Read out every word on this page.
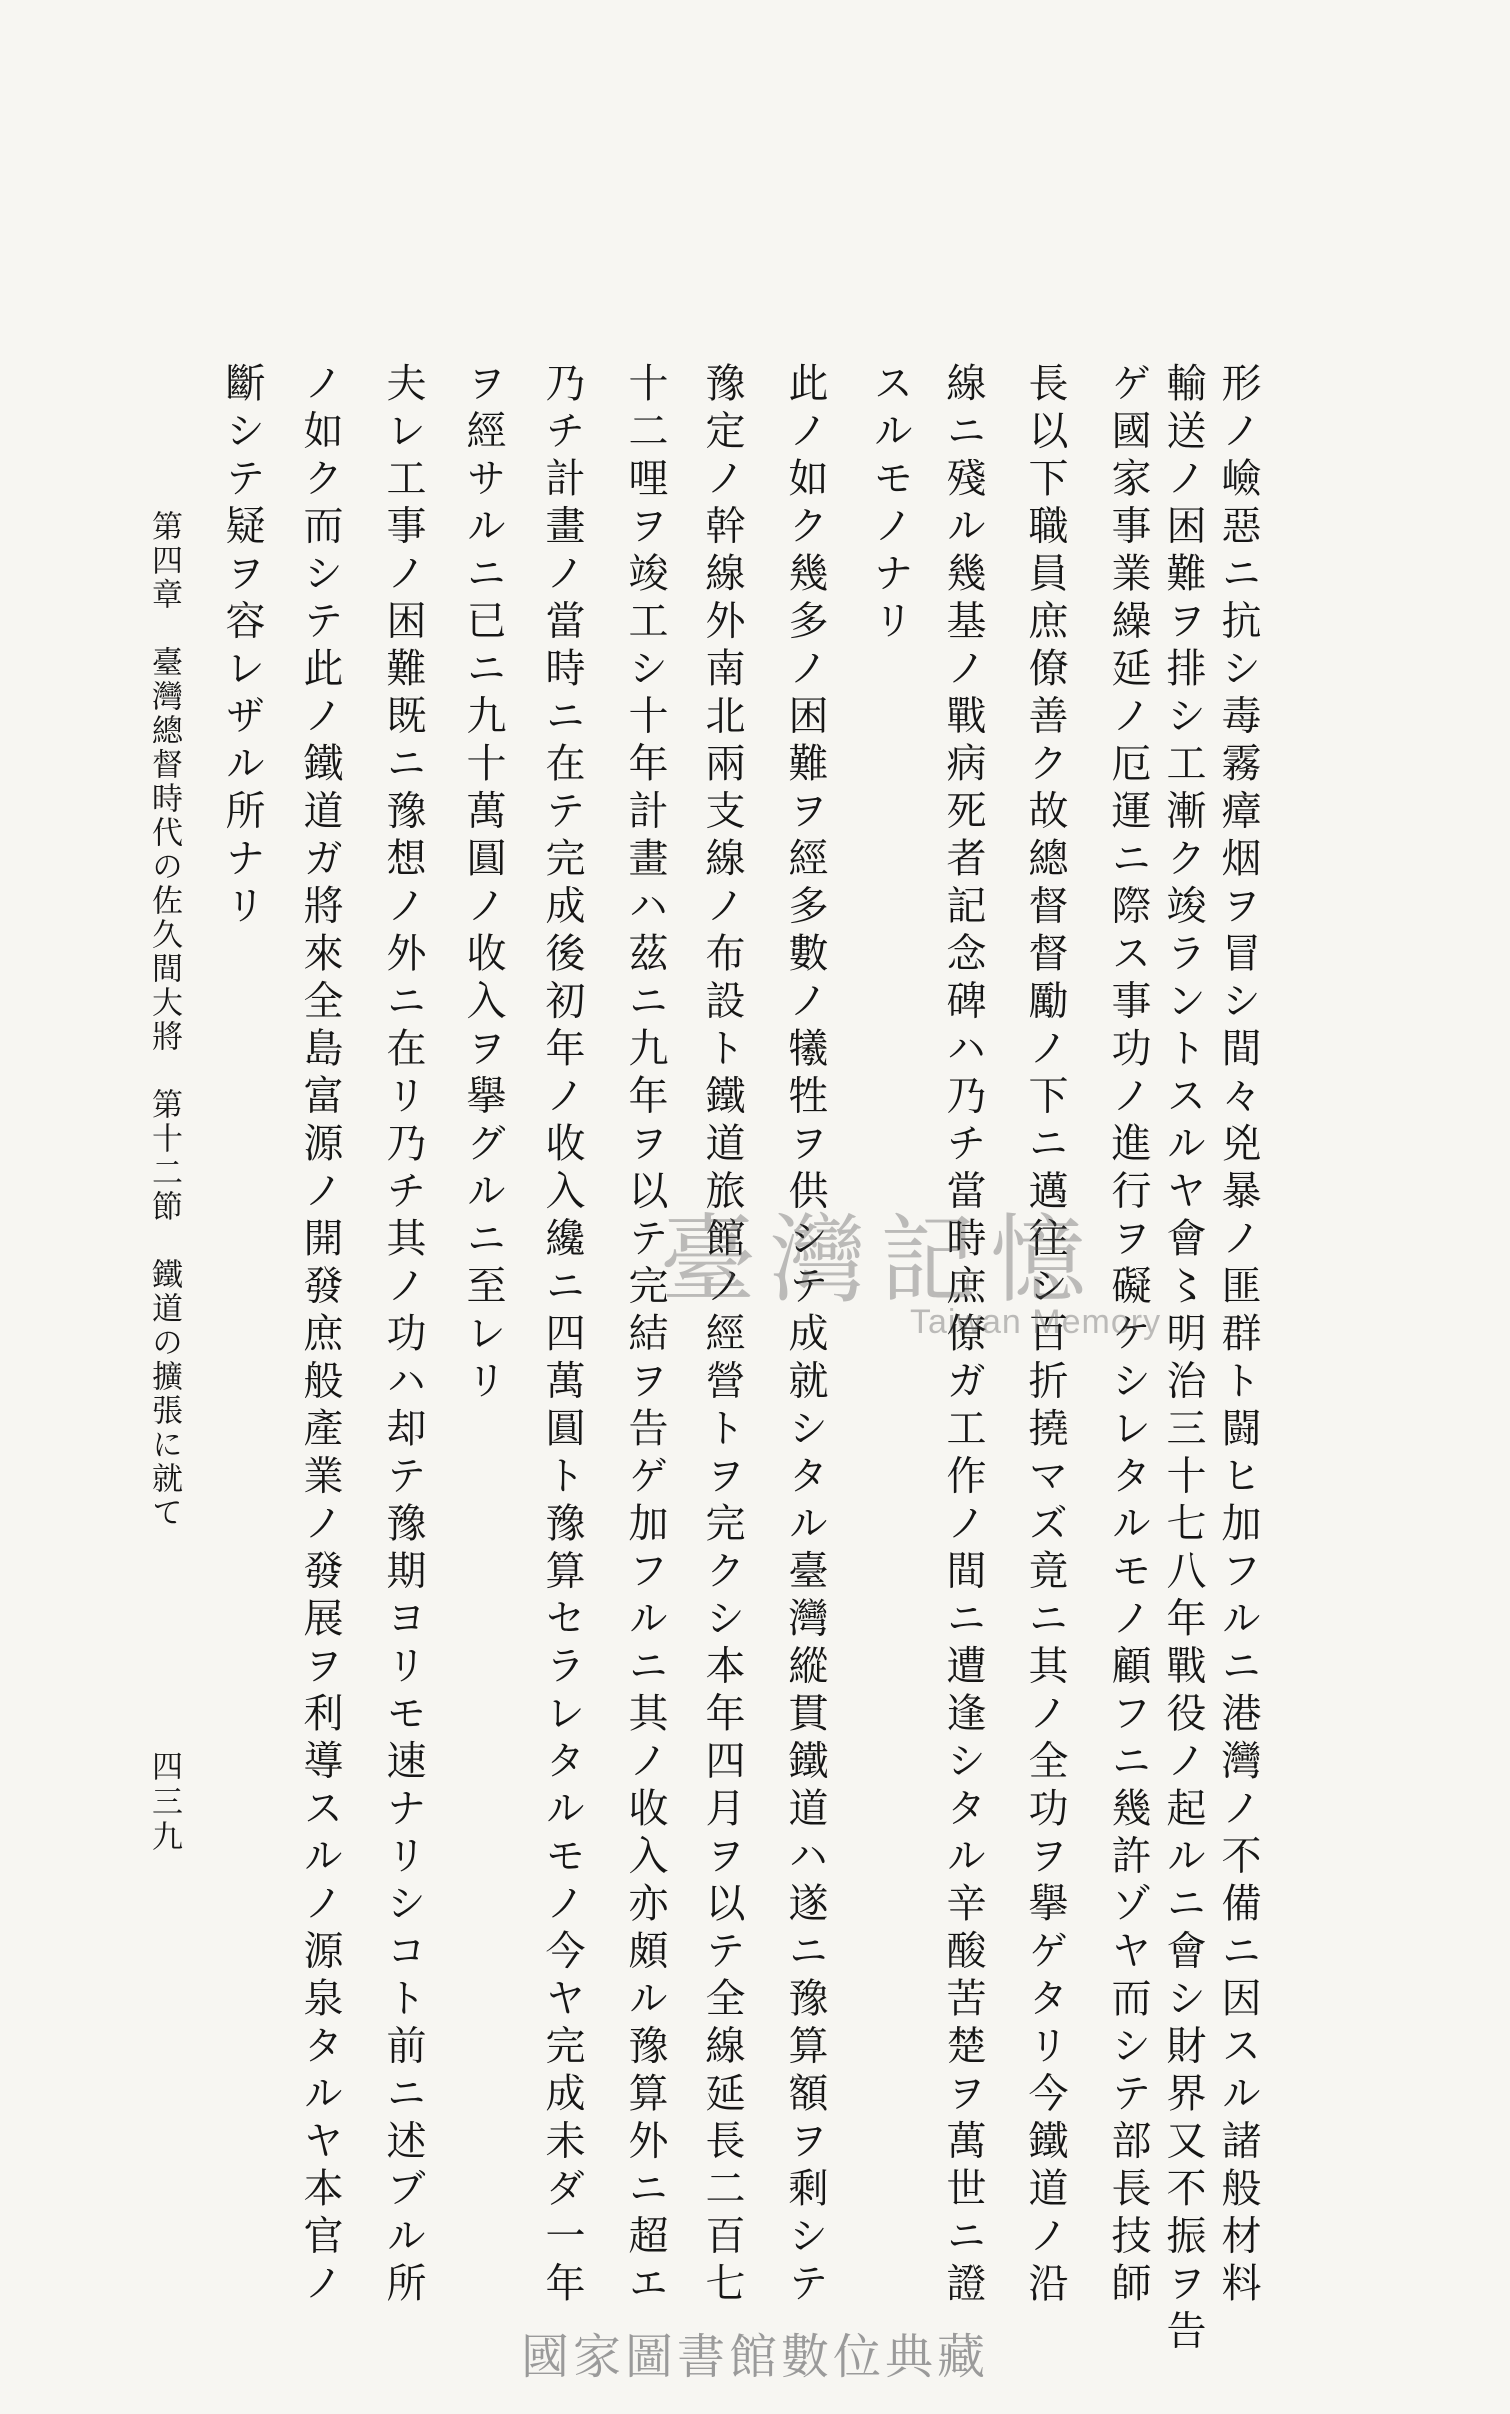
形ノ嶮惡ニ抗シ毒霧瘴烟ヲ冒シ間々兇暴ノ匪群ト闘ヒ加フルニ港灣ノ不備ニ因スル諸般材料
輸送ノ困難ヲ排シ工漸ク竣ラントスルヤ會〻明治三十七八年戰役ノ起ルニ會シ財界又不振ヲ告
ゲ國家事業繰延ノ厄運ニ際ス事功ノ進行ヲ礙ケシレタルモノ顧フニ幾許ゾヤ而シテ部長技師
長以下職員庶僚善ク故總督督勵ノ下ニ邁往シ百折撓マズ竟ニ其ノ全功ヲ擧ゲタリ今鐵道ノ沿
線ニ殘ル幾基ノ戰病死者記念碑ハ乃チ當時庶僚ガ工作ノ間ニ遭逢シタル辛酸苦楚ヲ萬世ニ證
スルモノナリ
此ノ如ク幾多ノ困難ヲ經多數ノ犧牲ヲ供シテ成就シタル臺灣縱貫鐵道ハ遂ニ豫算額ヲ剩シテ
豫定ノ幹線外南北兩支線ノ布設ト鐵道旅館ノ經營トヲ完クシ本年四月ヲ以テ全線延長二百七
十二哩ヲ竣工シ十年計畫ハ茲ニ九年ヲ以テ完結ヲ告ゲ加フルニ其ノ收入亦頗ル豫算外ニ超エ
乃チ計畫ノ當時ニ在テ完成後初年ノ收入纔ニ四萬圓ト豫算セラレタルモノ今ヤ完成未ダ一年
ヲ經サルニ已ニ九十萬圓ノ收入ヲ擧グルニ至レリ
夫レ工事ノ困難既ニ豫想ノ外ニ在リ乃チ其ノ功ハ却テ豫期ヨリモ速ナリシコト前ニ述ブル所
ノ如ク而シテ此ノ鐵道ガ將來全島富源ノ開發庶般產業ノ發展ヲ利導スルノ源泉タルヤ本官ノ
斷シテ疑ヲ容レザル所ナリ
第四章　臺灣總督時代の佐久間大將　第十二節　鐵道の擴張に就て
四三九
臺灣記憶
Taiwan Memory
國家圖書館數位典藏
